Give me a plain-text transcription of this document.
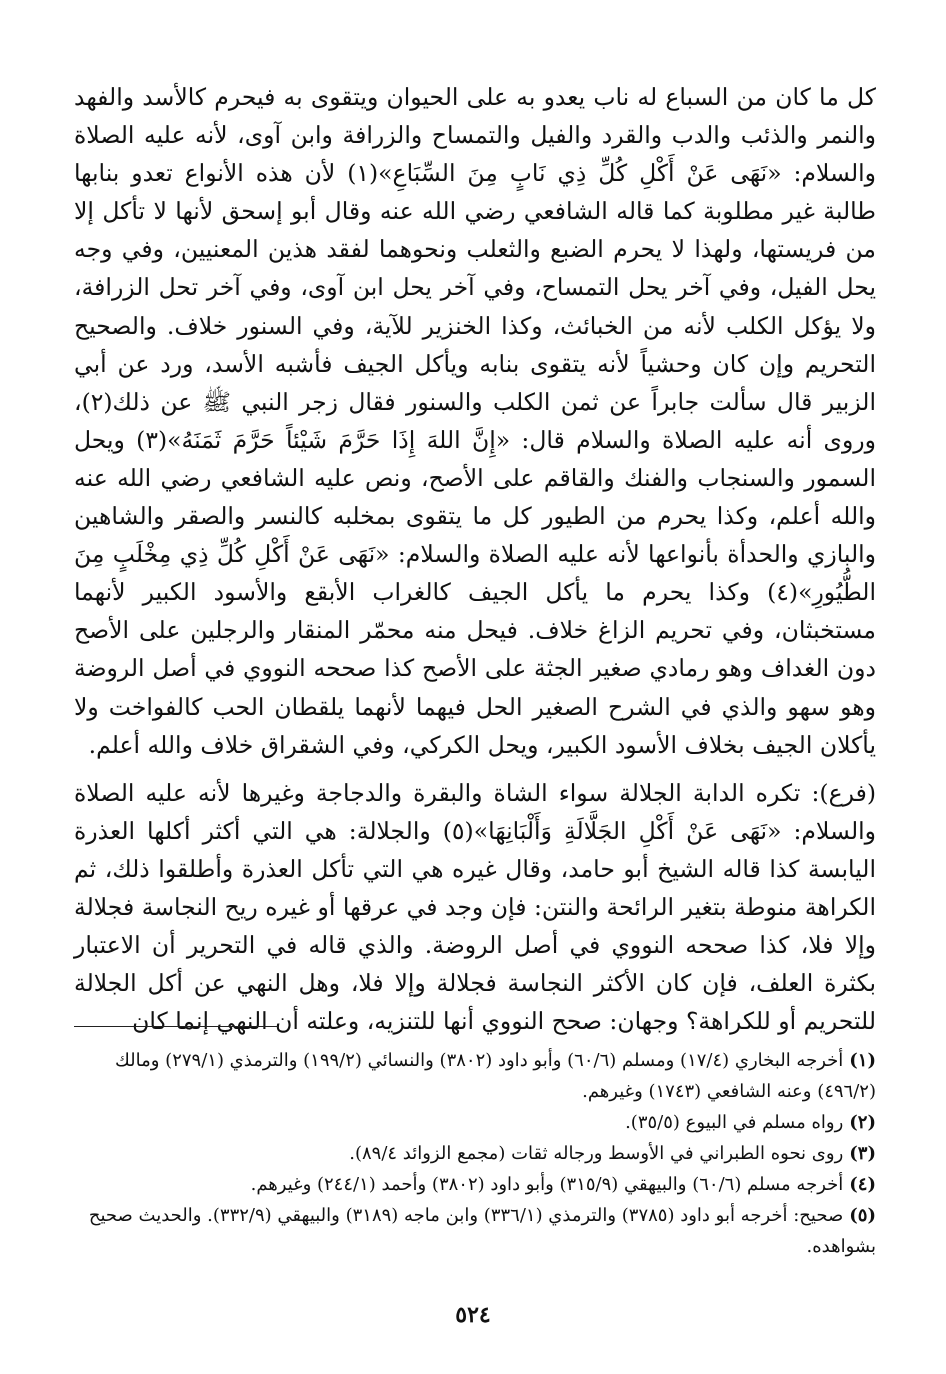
كل ما كان من السباع له ناب يعدو به على الحيوان ويتقوى به فيحرم كالأسد والفهد والنمر والذئب والدب والقرد والفيل والتمساح والزرافة وابن آوى، لأنه عليه الصلاة والسلام: «نَهَى عَنْ أَكْلِ كُلِّ ذِي نَابٍ مِنَ السِّبَاعِ»(١) لأن هذه الأنواع تعدو بنابها طالبة غير مطلوبة كما قاله الشافعي رضي الله عنه وقال أبو إسحق لأنها لا تأكل إلا من فريستها، ولهذا لا يحرم الضبع والثعلب ونحوهما لفقد هذين المعنيين، وفي وجه يحل الفيل، وفي آخر يحل التمساح، وفي آخر يحل ابن آوى، وفي آخر تحل الزرافة، ولا يؤكل الكلب لأنه من الخبائث، وكذا الخنزير للآية، وفي السنور خلاف. والصحيح التحريم وإن كان وحشياً لأنه يتقوى بنابه ويأكل الجيف فأشبه الأسد، ورد عن أبي الزبير قال سألت جابراً عن ثمن الكلب والسنور فقال زجر النبي ﷺ عن ذلك(٢)، وروى أنه عليه الصلاة والسلام قال: «إِنَّ اللهَ إِذَا حَرَّمَ شَيْئاً حَرَّمَ ثَمَنَهُ»(٣) ويحل السمور والسنجاب والفنك والقاقم على الأصح، ونص عليه الشافعي رضي الله عنه والله أعلم، وكذا يحرم من الطيور كل ما يتقوى بمخلبه كالنسر والصقر والشاهين والبازي والحدأة بأنواعها لأنه عليه الصلاة والسلام: «نَهَى عَنْ أَكْلِ كُلِّ ذِي مِخْلَبٍ مِنَ الطُّيُورِ»(٤) وكذا يحرم ما يأكل الجيف كالغراب الأبقع والأسود الكبير لأنهما مستخبثان، وفي تحريم الزاغ خلاف. فيحل منه محمّر المنقار والرجلين على الأصح دون الغداف وهو رمادي صغير الجثة على الأصح كذا صححه النووي في أصل الروضة وهو سهو والذي في الشرح الصغير الحل فيهما لأنهما يلقطان الحب كالفواخت ولا يأكلان الجيف بخلاف الأسود الكبير، ويحل الكركي، وفي الشقراق خلاف والله أعلم.

(فرع): تكره الدابة الجلالة سواء الشاة والبقرة والدجاجة وغيرها لأنه عليه الصلاة والسلام: «نَهَى عَنْ أَكْلِ الجَلَّالَةِ وَأَلْبَانِهَا»(٥) والجلالة: هي التي أكثر أكلها العذرة اليابسة كذا قاله الشيخ أبو حامد، وقال غيره هي التي تأكل العذرة وأطلقوا ذلك، ثم الكراهة منوطة بتغير الرائحة والنتن: فإن وجد في عرقها أو غيره ريح النجاسة فجلالة وإلا فلا، كذا صححه النووي في أصل الروضة. والذي قاله في التحرير أن الاعتبار بكثرة العلف، فإن كان الأكثر النجاسة فجلالة وإلا فلا، وهل النهي عن أكل الجلالة للتحريم أو للكراهة؟ وجهان: صحح النووي أنها للتنزيه، وعلته أن النهي إنما كان

(١)أخرجه البخاري (١٧/٤) ومسلم (٦٠/٦) وأبو داود (٣٨٠٢) والنسائي (١٩٩/٢) والترمذي (٢٧٩/١) ومالك (٤٩٦/٢) وعنه الشافعي (١٧٤٣) وغيرهم.
(٢)رواه مسلم في البيوع (٣٥/٥).
(٣)روى نحوه الطبراني في الأوسط ورجاله ثقات (مجمع الزوائد ٨٩/٤).
(٤)أخرجه مسلم (٦٠/٦) والبيهقي (٣١٥/٩) وأبو داود (٣٨٠٢) وأحمد (٢٤٤/١) وغيرهم.
(٥)صحيح: أخرجه أبو داود (٣٧٨٥) والترمذي (٣٣٦/١) وابن ماجه (٣١٨٩) والبيهقي (٣٣٢/٩). والحديث صحيح بشواهده.
٥٢٤
